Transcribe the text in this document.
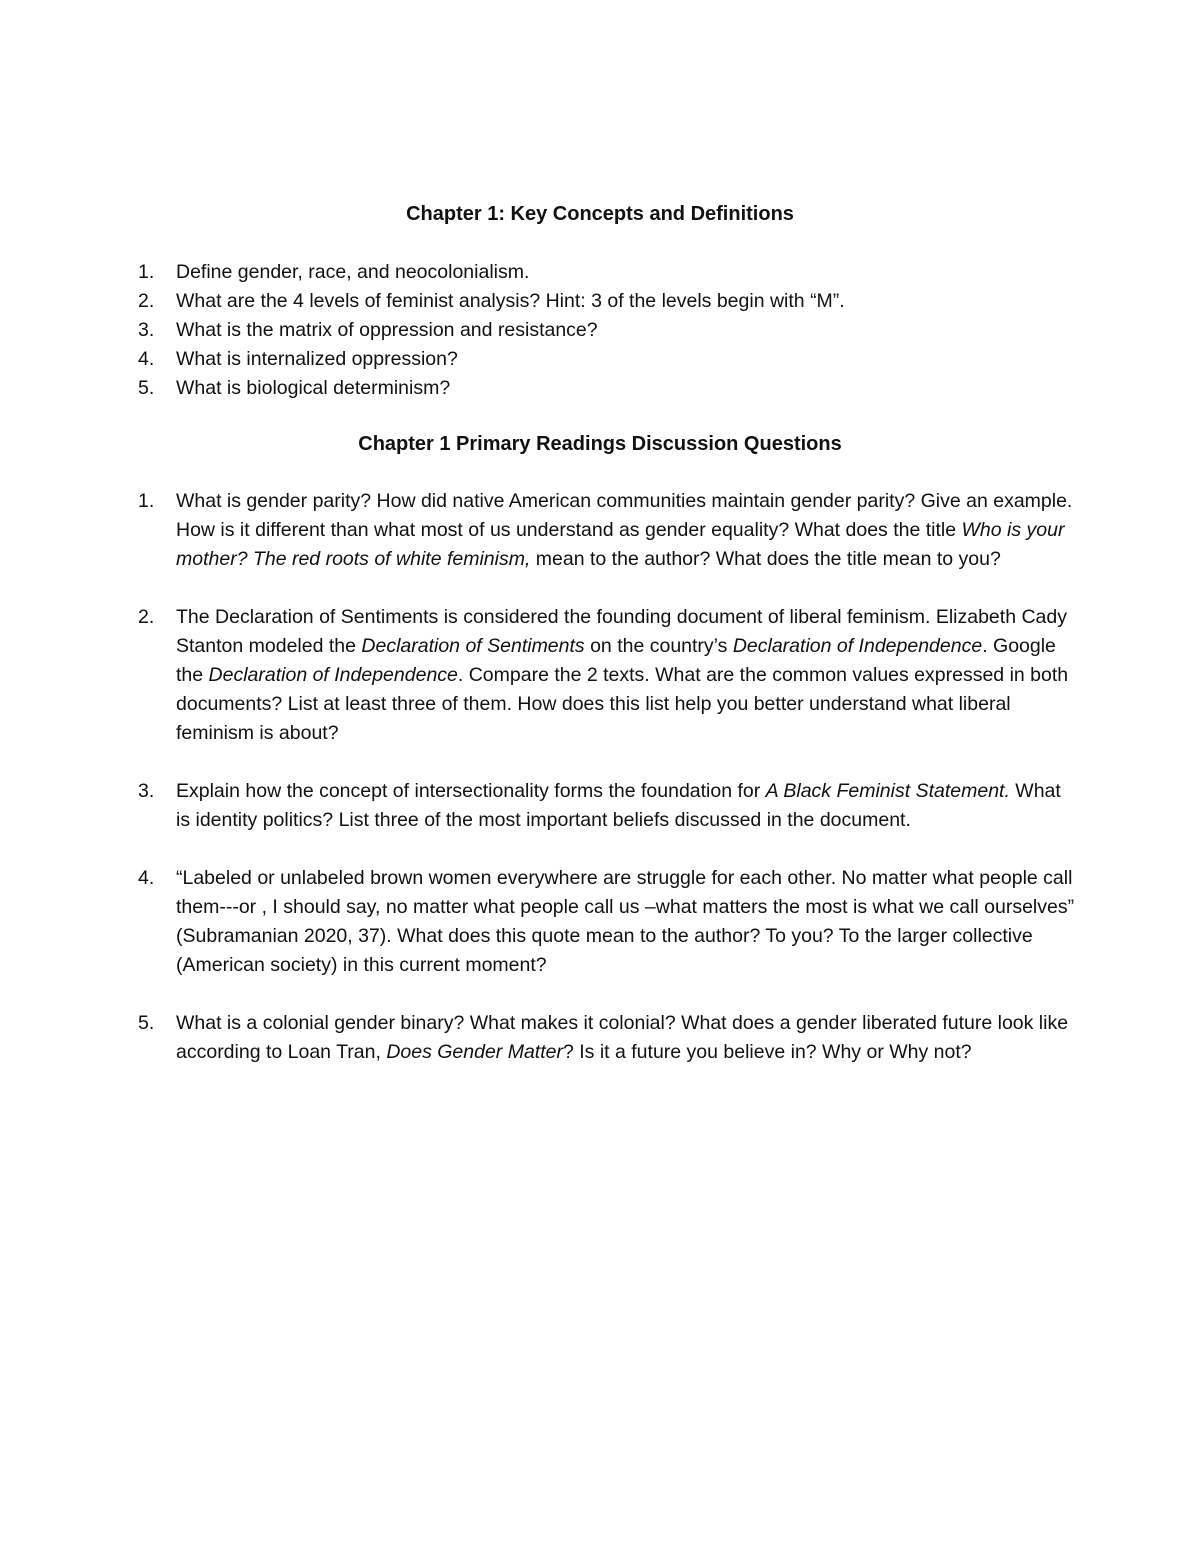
Chapter 1: Key Concepts and Definitions
1.	Define gender, race, and neocolonialism.
2.	What are the 4 levels of feminist analysis? Hint: 3 of the levels begin with “M”.
3.	What is the matrix of oppression and resistance?
4.	What is internalized oppression?
5.	What is biological determinism?
Chapter 1 Primary Readings Discussion Questions
1.	What is gender parity? How did native American communities maintain gender parity? Give an example. How is it different than what most of us understand as gender equality? What does the title Who is your mother? The red roots of white feminism, mean to the author? What does the title mean to you?
2.	The Declaration of Sentiments is considered the founding document of liberal feminism. Elizabeth Cady Stanton modeled the Declaration of Sentiments on the country’s Declaration of Independence. Google the Declaration of Independence. Compare the 2 texts. What are the common values expressed in both documents? List at least three of them. How does this list help you better understand what liberal feminism is about?
3.	Explain how the concept of intersectionality forms the foundation for A Black Feminist Statement. What is identity politics? List three of the most important beliefs discussed in the document.
4.	“Labeled or unlabeled brown women everywhere are struggle for each other. No matter what people call them---or , I should say, no matter what people call us –what matters the most is what we call ourselves” (Subramanian 2020, 37). What does this quote mean to the author? To you? To the larger collective (American society) in this current moment?
5.	What is a colonial gender binary? What makes it colonial? What does a gender liberated future look like according to Loan Tran, Does Gender Matter? Is it a future you believe in? Why or Why not?
